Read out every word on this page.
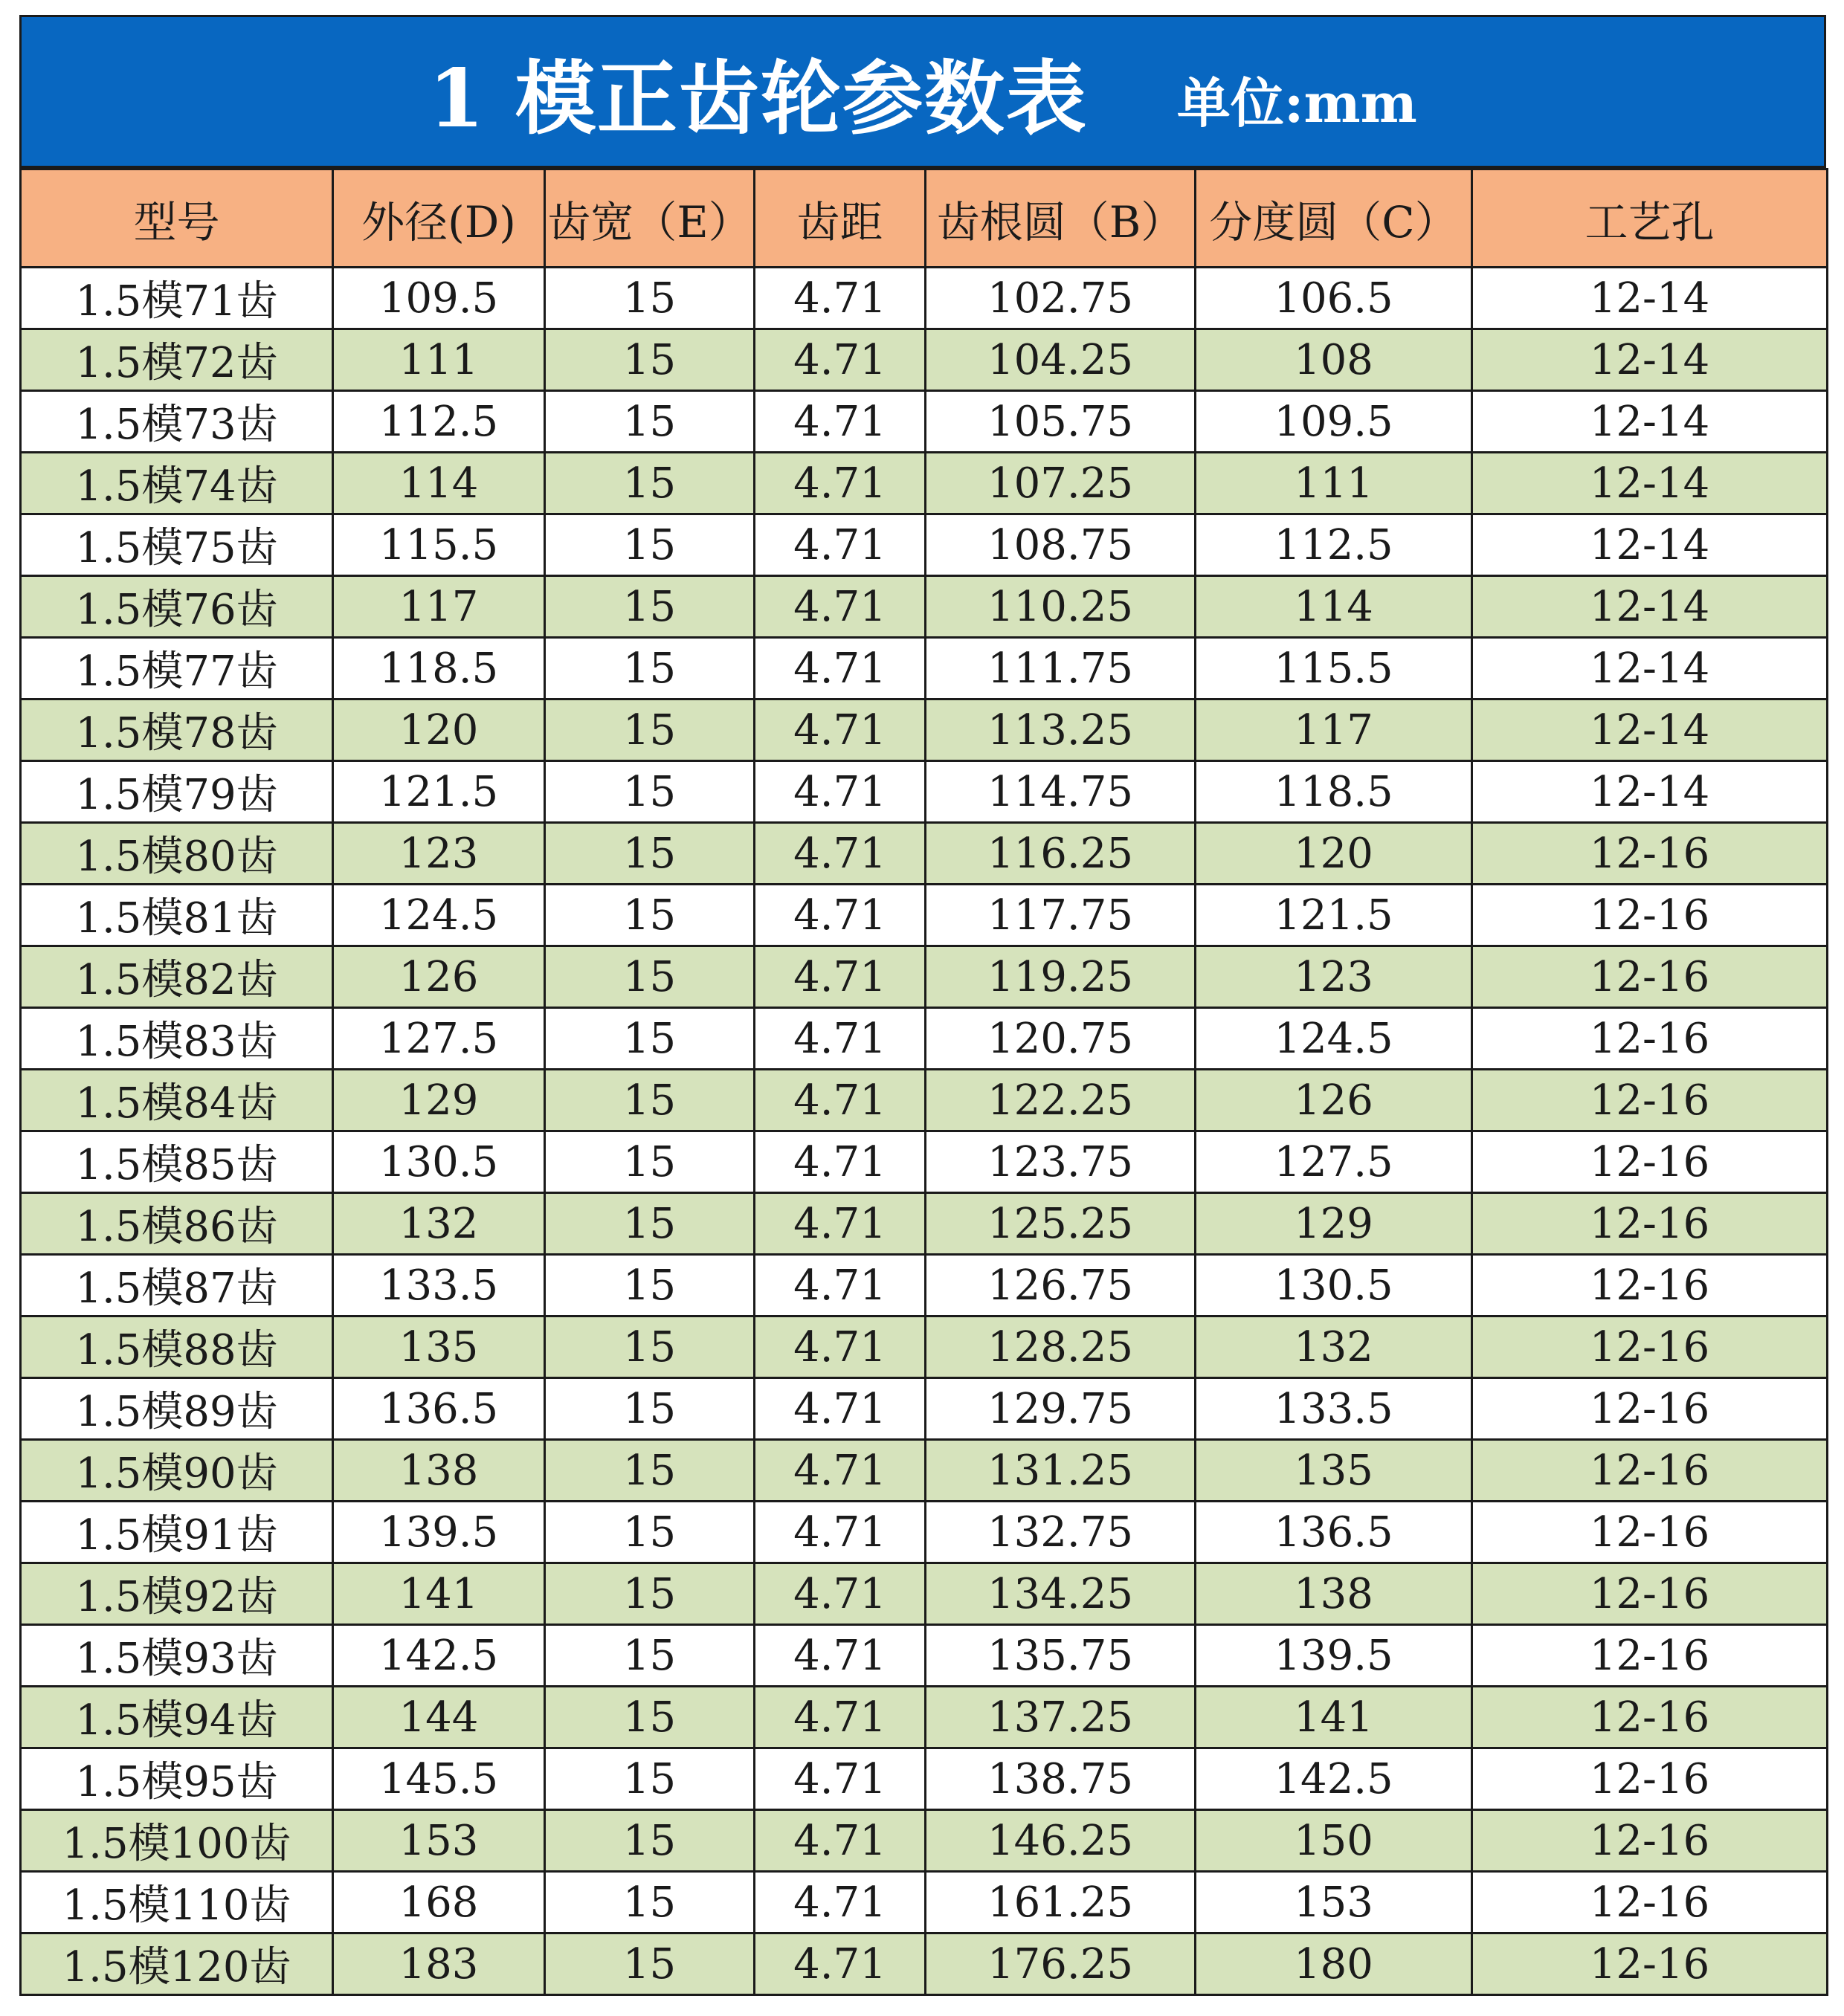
1 模正齿轮参数表 单位:mm
型号	外径(D)	齿宽（E）	齿距	齿根圆（B）	分度圆（C）	工艺孔
1.5模71齿	109.5	15	4.71	102.75	106.5	12-14
1.5模72齿	111	15	4.71	104.25	108	12-14
1.5模73齿	112.5	15	4.71	105.75	109.5	12-14
1.5模74齿	114	15	4.71	107.25	111	12-14
1.5模75齿	115.5	15	4.71	108.75	112.5	12-14
1.5模76齿	117	15	4.71	110.25	114	12-14
1.5模77齿	118.5	15	4.71	111.75	115.5	12-14
1.5模78齿	120	15	4.71	113.25	117	12-14
1.5模79齿	121.5	15	4.71	114.75	118.5	12-14
1.5模80齿	123	15	4.71	116.25	120	12-16
1.5模81齿	124.5	15	4.71	117.75	121.5	12-16
1.5模82齿	126	15	4.71	119.25	123	12-16
1.5模83齿	127.5	15	4.71	120.75	124.5	12-16
1.5模84齿	129	15	4.71	122.25	126	12-16
1.5模85齿	130.5	15	4.71	123.75	127.5	12-16
1.5模86齿	132	15	4.71	125.25	129	12-16
1.5模87齿	133.5	15	4.71	126.75	130.5	12-16
1.5模88齿	135	15	4.71	128.25	132	12-16
1.5模89齿	136.5	15	4.71	129.75	133.5	12-16
1.5模90齿	138	15	4.71	131.25	135	12-16
1.5模91齿	139.5	15	4.71	132.75	136.5	12-16
1.5模92齿	141	15	4.71	134.25	138	12-16
1.5模93齿	142.5	15	4.71	135.75	139.5	12-16
1.5模94齿	144	15	4.71	137.25	141	12-16
1.5模95齿	145.5	15	4.71	138.75	142.5	12-16
1.5模100齿	153	15	4.71	146.25	150	12-16
1.5模110齿	168	15	4.71	161.25	153	12-16
1.5模120齿	183	15	4.71	176.25	180	12-16
